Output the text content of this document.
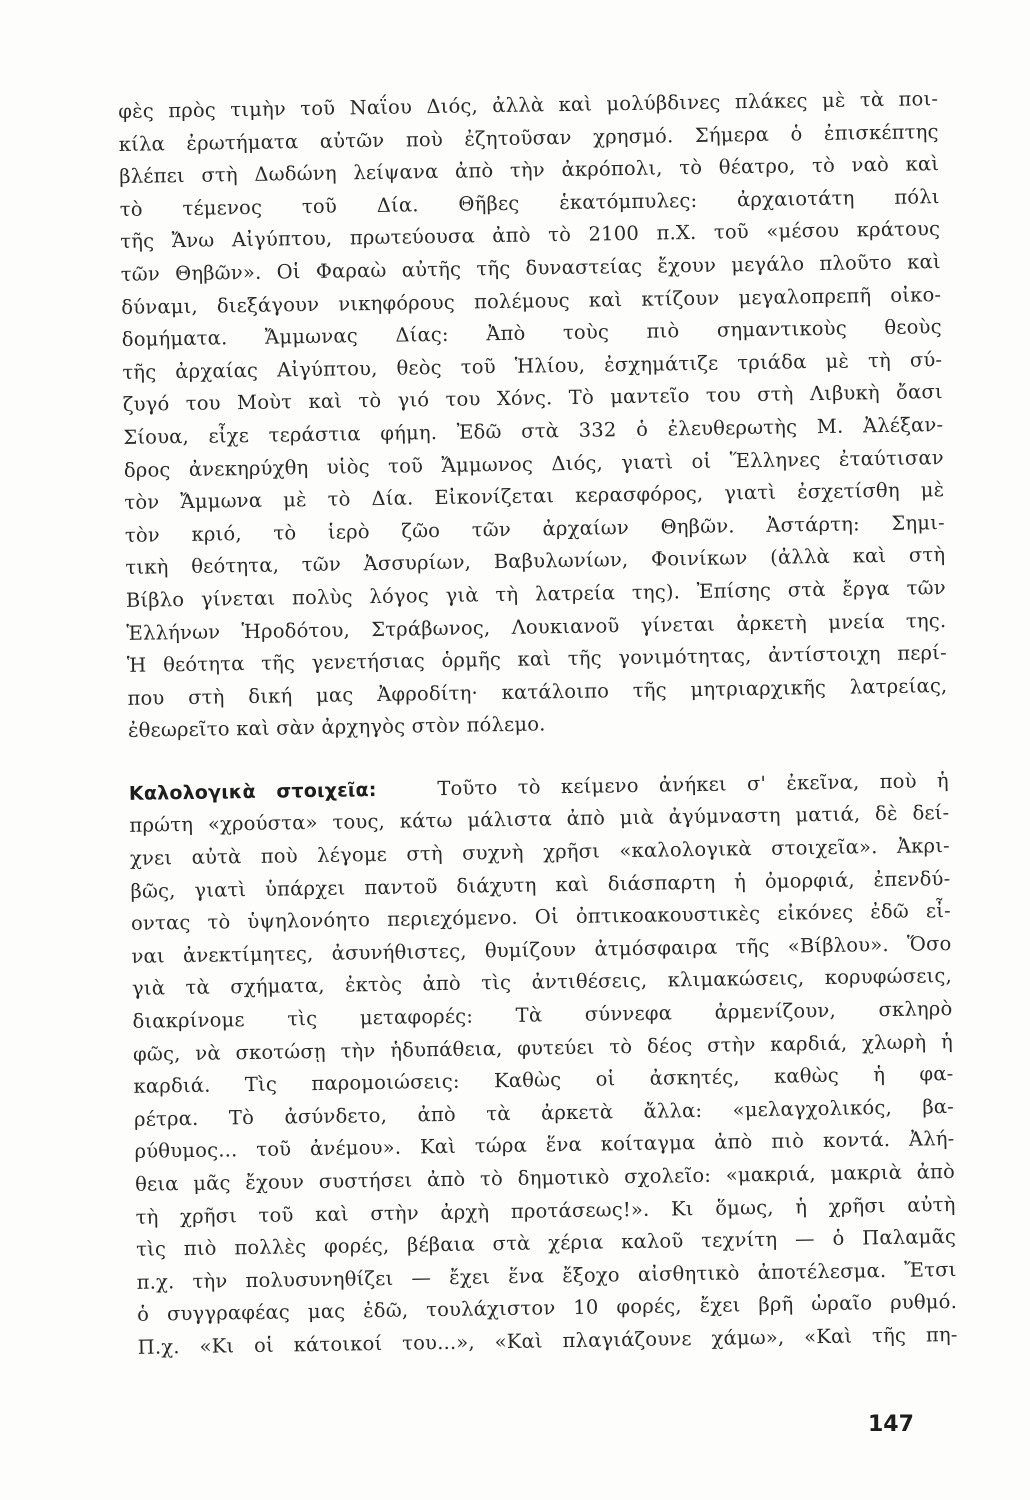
φὲς πρὸς τιμὴν τοῦ Ναΐου Διός, ἀλλὰ καὶ μολύβδινες πλάκες μὲ τὰ ποι-
κίλα ἐρωτήματα αὐτῶν ποὺ ἐζητοῦσαν χρησμό. Σήμερα ὁ ἐπισκέπτης
βλέπει στὴ Δωδώνη λείψανα ἀπὸ τὴν ἀκρόπολι, τὸ θέατρο, τὸ ναὸ καὶ
τὸ τέμενος τοῦ Δία. Θῆβες ἑκατόμπυλες: ἀρχαιοτάτη πόλι
τῆς Ἄνω Αἰγύπτου, πρωτεύουσα ἀπὸ τὸ 2100 π.Χ. τοῦ «μέσου κράτους
τῶν Θηβῶν». Οἱ Φαραὼ αὐτῆς τῆς δυναστείας ἔχουν μεγάλο πλοῦτο καὶ
δύναμι, διεξάγουν νικηφόρους πολέμους καὶ κτίζουν μεγαλοπρεπῆ οἰκο-
δομήματα. Ἄμμωνας Δίας: Ἀπὸ τοὺς πιὸ σημαντικοὺς θεοὺς
τῆς ἀρχαίας Αἰγύπτου, θεὸς τοῦ Ἡλίου, ἐσχημάτιζε τριάδα μὲ τὴ σύ-
ζυγό του Μοὺτ καὶ τὸ γιό του Χόνς. Τὸ μαντεῖο του στὴ Λιβυκὴ ὄασι
Σίουα, εἶχε τεράστια φήμη. Ἐδῶ στὰ 332 ὁ ἐλευθερωτὴς Μ. Ἀλέξαν-
δρος ἀνεκηρύχθη υἱὸς τοῦ Ἄμμωνος Διός, γιατὶ οἱ Ἕλληνες ἐταύτισαν
τὸν Ἄμμωνα μὲ τὸ Δία. Εἰκονίζεται κερασφόρος, γιατὶ ἐσχετίσθη μὲ
τὸν κριό, τὸ ἱερὸ ζῶο τῶν ἀρχαίων Θηβῶν. Ἀστάρτη: Σημι-
τικὴ θεότητα, τῶν Ἀσσυρίων, Βαβυλωνίων, Φοινίκων (ἀλλὰ καὶ στὴ
Βίβλο γίνεται πολὺς λόγος γιὰ τὴ λατρεία της). Ἐπίσης στὰ ἔργα τῶν
Ἑλλήνων Ἡροδότου, Στράβωνος, Λουκιανοῦ γίνεται ἀρκετὴ μνεία της.
Ἡ θεότητα τῆς γενετήσιας ὁρμῆς καὶ τῆς γονιμότητας, ἀντίστοιχη περί-
που στὴ δική μας Ἀφροδίτη· κατάλοιπο τῆς μητριαρχικῆς λατρείας,
ἐθεωρεῖτο καὶ σὰν ἀρχηγὸς στὸν πόλεμο.
Καλολογικὰ στοιχεῖα:	Τοῦτο τὸ κείμενο ἀνήκει σ' ἐκεῖνα, ποὺ ἡ
πρώτη «χρούστα» τους, κάτω μάλιστα ἀπὸ μιὰ ἀγύμναστη ματιά, δὲ δεί-
χνει αὐτὰ ποὺ λέγομε στὴ συχνὴ χρῆσι «καλολογικὰ στοιχεῖα». Ἀκρι-
βῶς, γιατὶ ὑπάρχει παντοῦ διάχυτη καὶ διάσπαρτη ἡ ὀμορφιά, ἐπενδύ-
οντας τὸ ὑψηλονόητο περιεχόμενο. Οἱ ὀπτικοακουστικὲς εἰκόνες ἐδῶ εἶ-
ναι ἀνεκτίμητες, ἀσυνήθιστες, θυμίζουν ἀτμόσφαιρα τῆς «Βίβλου». Ὅσο
γιὰ τὰ σχήματα, ἐκτὸς ἀπὸ τὶς ἀντιθέσεις, κλιμακώσεις, κορυφώσεις,
διακρίνομε τὶς μεταφορές: Τὰ σύννεφα ἀρμενίζουν, σκληρὸ
φῶς, νὰ σκοτώσῃ τὴν ἡδυπάθεια, φυτεύει τὸ δέος στὴν καρδιά, χλωρὴ ἡ
καρδιά. Τὶς παρομοιώσεις: Καθὼς οἱ ἀσκητές, καθὼς ἡ φα-
ρέτρα. Τὸ ἀσύνδετο, ἀπὸ τὰ ἀρκετὰ ἄλλα: «μελαγχολικός, βα-
ρύθυμος... τοῦ ἀνέμου». Καὶ τώρα ἕνα κοίταγμα ἀπὸ πιὸ κοντά. Ἀλή-
θεια μᾶς ἔχουν συστήσει ἀπὸ τὸ δημοτικὸ σχολεῖο: «μακριά, μακριὰ ἀπὸ
τὴ χρῆσι τοῦ καὶ στὴν ἀρχὴ προτάσεως!». Κι ὅμως, ἡ χρῆσι αὐτὴ
τὶς πιὸ πολλὲς φορές, βέβαια στὰ χέρια καλοῦ τεχνίτη — ὁ Παλαμᾶς
π.χ. τὴν πολυσυνηθίζει — ἔχει ἕνα ἔξοχο αἰσθητικὸ ἀποτέλεσμα. Ἔτσι
ὁ συγγραφέας μας ἐδῶ, τουλάχιστον 10 φορές, ἔχει βρῆ ὡραῖο ρυθμό.
Π.χ. «Κι οἱ κάτοικοί του...», «Καὶ πλαγιάζουνε χάμω», «Καὶ τῆς πη-
147
